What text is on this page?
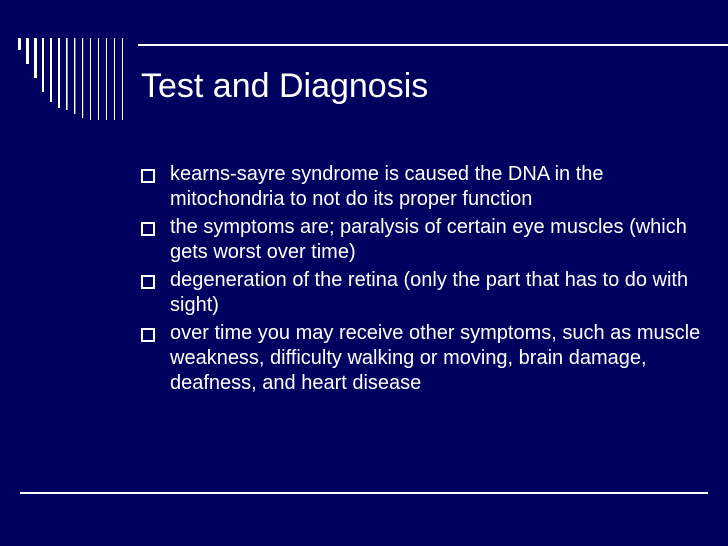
Test and Diagnosis
kearns-sayre syndrome is caused the DNA in the mitochondria to not do its proper function
the symptoms are; paralysis of certain eye muscles (which gets worst over time)
degeneration of the retina (only the part that has to do with sight)
over time you may receive other symptoms, such as muscle weakness, difficulty walking or moving, brain damage, deafness, and heart disease
